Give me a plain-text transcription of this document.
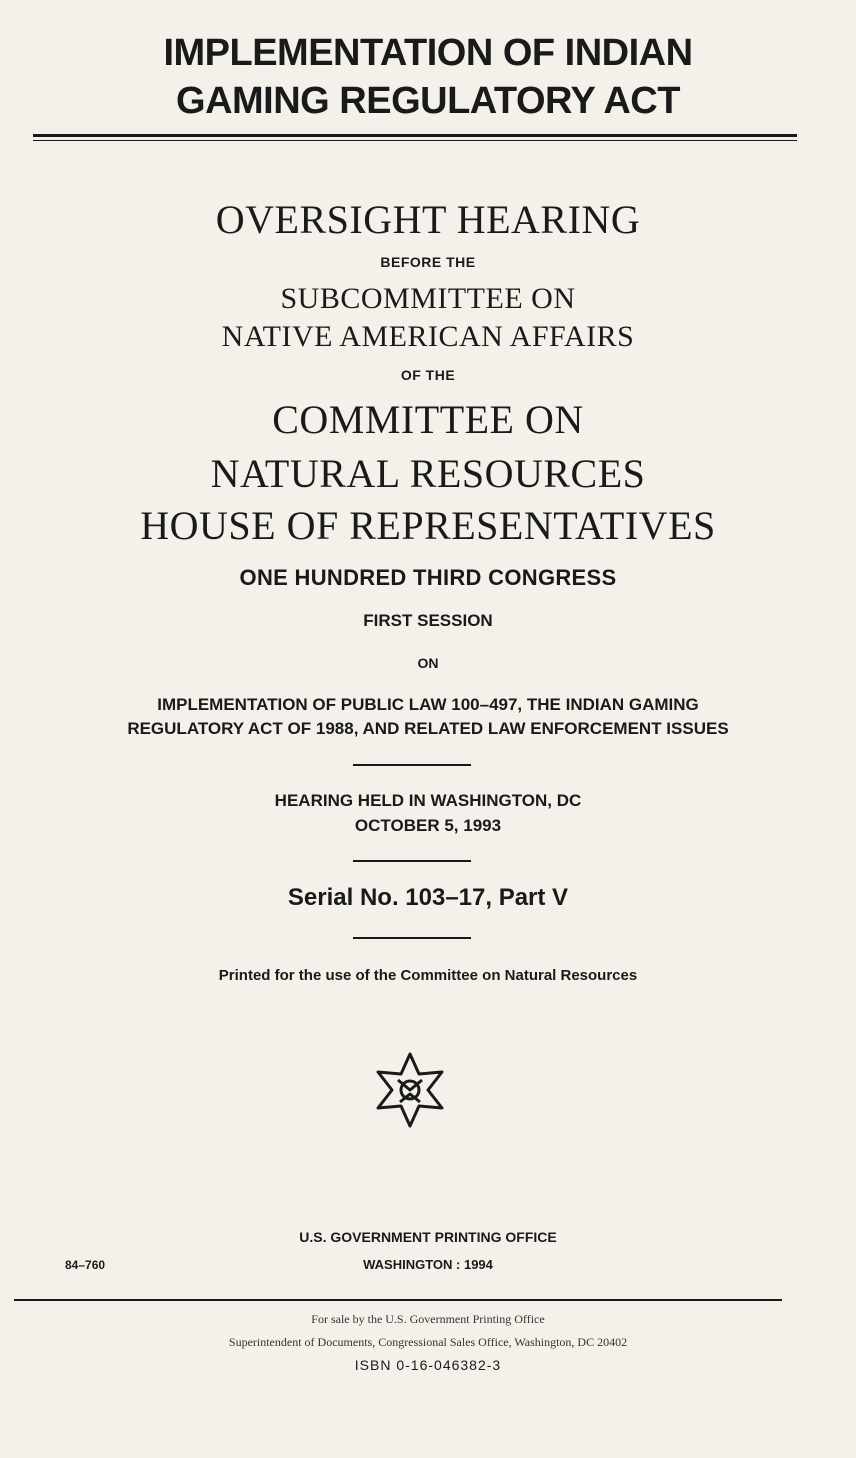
IMPLEMENTATION OF INDIAN
GAMING REGULATORY ACT
OVERSIGHT HEARING
BEFORE THE
SUBCOMMITTEE ON
NATIVE AMERICAN AFFAIRS
OF THE
COMMITTEE ON
NATURAL RESOURCES
HOUSE OF REPRESENTATIVES
ONE HUNDRED THIRD CONGRESS
FIRST SESSION
ON
IMPLEMENTATION OF PUBLIC LAW 100–497, THE INDIAN GAMING
REGULATORY ACT OF 1988, AND RELATED LAW ENFORCEMENT ISSUES
HEARING HELD IN WASHINGTON, DC
OCTOBER 5, 1993
Serial No. 103–17, Part V
Printed for the use of the Committee on Natural Resources
U.S. GOVERNMENT PRINTING OFFICE
84–760	WASHINGTON : 1994
For sale by the U.S. Government Printing Office
Superintendent of Documents, Congressional Sales Office, Washington, DC 20402
ISBN 0-16-046382-3
